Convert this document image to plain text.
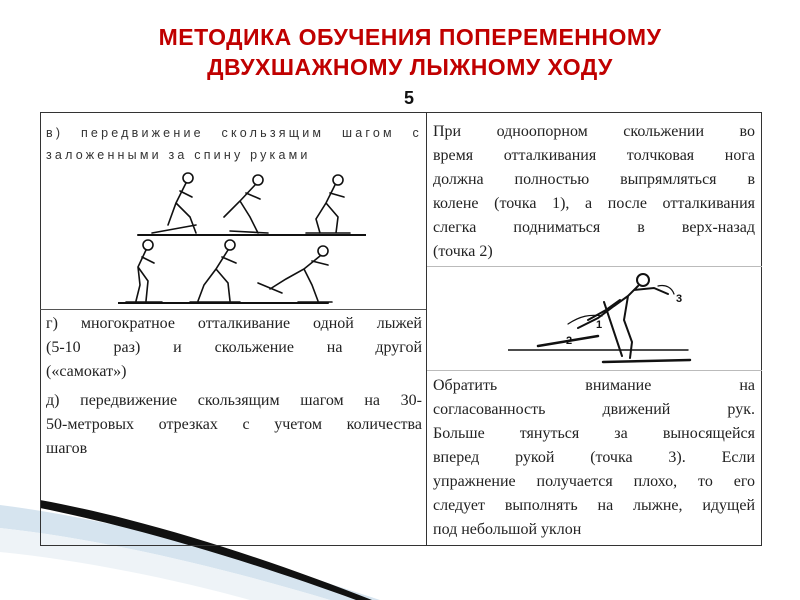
МЕТОДИКА ОБУЧЕНИЯ ПОПЕРЕМЕННОМУ
ДВУХШАЖНОМУ ЛЫЖНОМУ ХОДУ
5
в) передвижение скользящим шагом с
заложенными за спину руками
г) многократное отталкивание одной лыжей
(5-10 раз) и скольжение на другой
(«самокат»)
д) передвижение скользящим шагом на 30-
50-метровых отрезках с учетом количества
шагов
При одноопорном скольжении во
время отталкивания толчковая нога
должна полностью выпрямляться в
колене (точка 1), а после отталкивания
слегка подниматься в верх-назад
(точка 2)
1
2
3
Обратить внимание на
согласованность движений рук.
Больше тянуться за выносящейся
вперед рукой (точка 3). Если
упражнение получается плохо, то его
следует выполнять на лыжне, идущей
под небольшой уклон
